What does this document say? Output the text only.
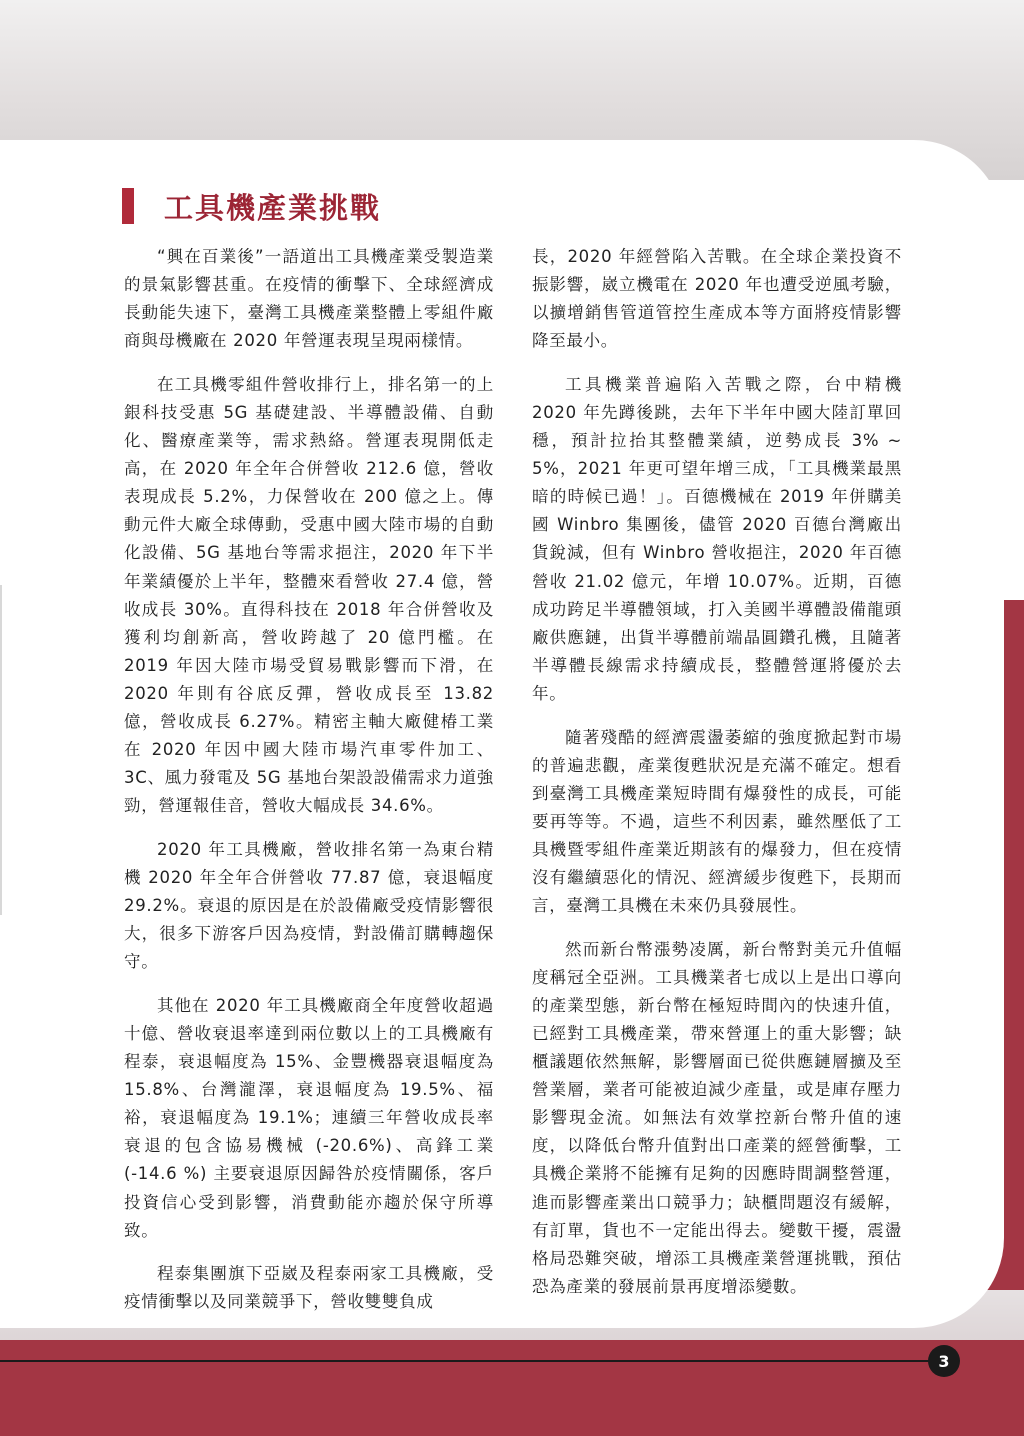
工具機產業挑戰

“興在百業後”一語道出工具機產業受製造業的景氣影響甚重。在疫情的衝擊下、全球經濟成長動能失速下，臺灣工具機產業整體上零組件廠商與母機廠在 2020 年營運表現呈現兩樣情。

在工具機零組件營收排行上，排名第一的上銀科技受惠 5G 基礎建設、半導體設備、自動化、醫療產業等，需求熱絡。營運表現開低走高，在 2020 年全年合併營收 212.6 億，營收表現成長 5.2%，力保營收在 200 億之上。傳動元件大廠全球傳動，受惠中國大陸市場的自動化設備、5G 基地台等需求挹注，2020 年下半年業績優於上半年，整體來看營收 27.4 億，營收成長 30%。直得科技在 2018 年合併營收及獲利均創新高，營收跨越了 20 億門檻。在 2019 年因大陸市場受貿易戰影響而下滑，在 2020 年則有谷底反彈，營收成長至 13.82 億，營收成長 6.27%。精密主軸大廠健椿工業在 2020 年因中國大陸市場汽車零件加工、3C、風力發電及 5G 基地台架設設備需求力道強勁，營運報佳音，營收大幅成長 34.6%。

2020 年工具機廠，營收排名第一為東台精機 2020 年全年合併營收 77.87 億，衰退幅度 29.2%。衰退的原因是在於設備廠受疫情影響很大，很多下游客戶因為疫情，對設備訂購轉趨保守。

其他在 2020 年工具機廠商全年度營收超過十億、營收衰退率達到兩位數以上的工具機廠有程泰，衰退幅度為 15%、金豐機器衰退幅度為 15.8%、台灣瀧澤，衰退幅度為 19.5%、福裕，衰退幅度為 19.1%；連續三年營收成長率衰退的包含協易機械 (-20.6%)、高鋒工業 (-14.6 %) 主要衰退原因歸咎於疫情關係，客戶投資信心受到影響，消費動能亦趨於保守所導致。

程泰集團旗下亞崴及程泰兩家工具機廠，受疫情衝擊以及同業競爭下，營收雙雙負成

長，2020 年經營陷入苦戰。在全球企業投資不振影響，崴立機電在 2020 年也遭受逆風考驗，以擴增銷售管道管控生產成本等方面將疫情影響降至最小。

工具機業普遍陷入苦戰之際，台中精機 2020 年先蹲後跳，去年下半年中國大陸訂單回穩，預計拉抬其整體業績，逆勢成長 3% ~ 5%，2021 年更可望年增三成，「工具機業最黑暗的時候已過！」。百德機械在 2019 年併購美國 Winbro 集團後，儘管 2020 百德台灣廠出貨銳減，但有 Winbro 營收挹注，2020 年百德營收 21.02 億元，年增 10.07%。近期，百德成功跨足半導體領域，打入美國半導體設備龍頭廠供應鏈，出貨半導體前端晶圓鑽孔機，且隨著半導體長線需求持續成長，整體營運將優於去年。

隨著殘酷的經濟震盪萎縮的強度掀起對市場的普遍悲觀，產業復甦狀況是充滿不確定。想看到臺灣工具機產業短時間有爆發性的成長，可能要再等等。不過，這些不利因素，雖然壓低了工具機暨零組件產業近期該有的爆發力，但在疫情沒有繼續惡化的情況、經濟緩步復甦下，長期而言，臺灣工具機在未來仍具發展性。

然而新台幣漲勢凌厲，新台幣對美元升值幅度稱冠全亞洲。工具機業者七成以上是出口導向的產業型態，新台幣在極短時間內的快速升值，已經對工具機產業，帶來營運上的重大影響；缺櫃議題依然無解，影響層面已從供應鏈層擴及至營業層，業者可能被迫減少產量，或是庫存壓力影響現金流。如無法有效掌控新台幣升值的速度，以降低台幣升值對出口產業的經營衝擊，工具機企業將不能擁有足夠的因應時間調整營運，進而影響產業出口競爭力；缺櫃問題沒有緩解，有訂單，貨也不一定能出得去。變數干擾，震盪格局恐難突破，增添工具機產業營運挑戰，預估恐為產業的發展前景再度增添變數。

3
